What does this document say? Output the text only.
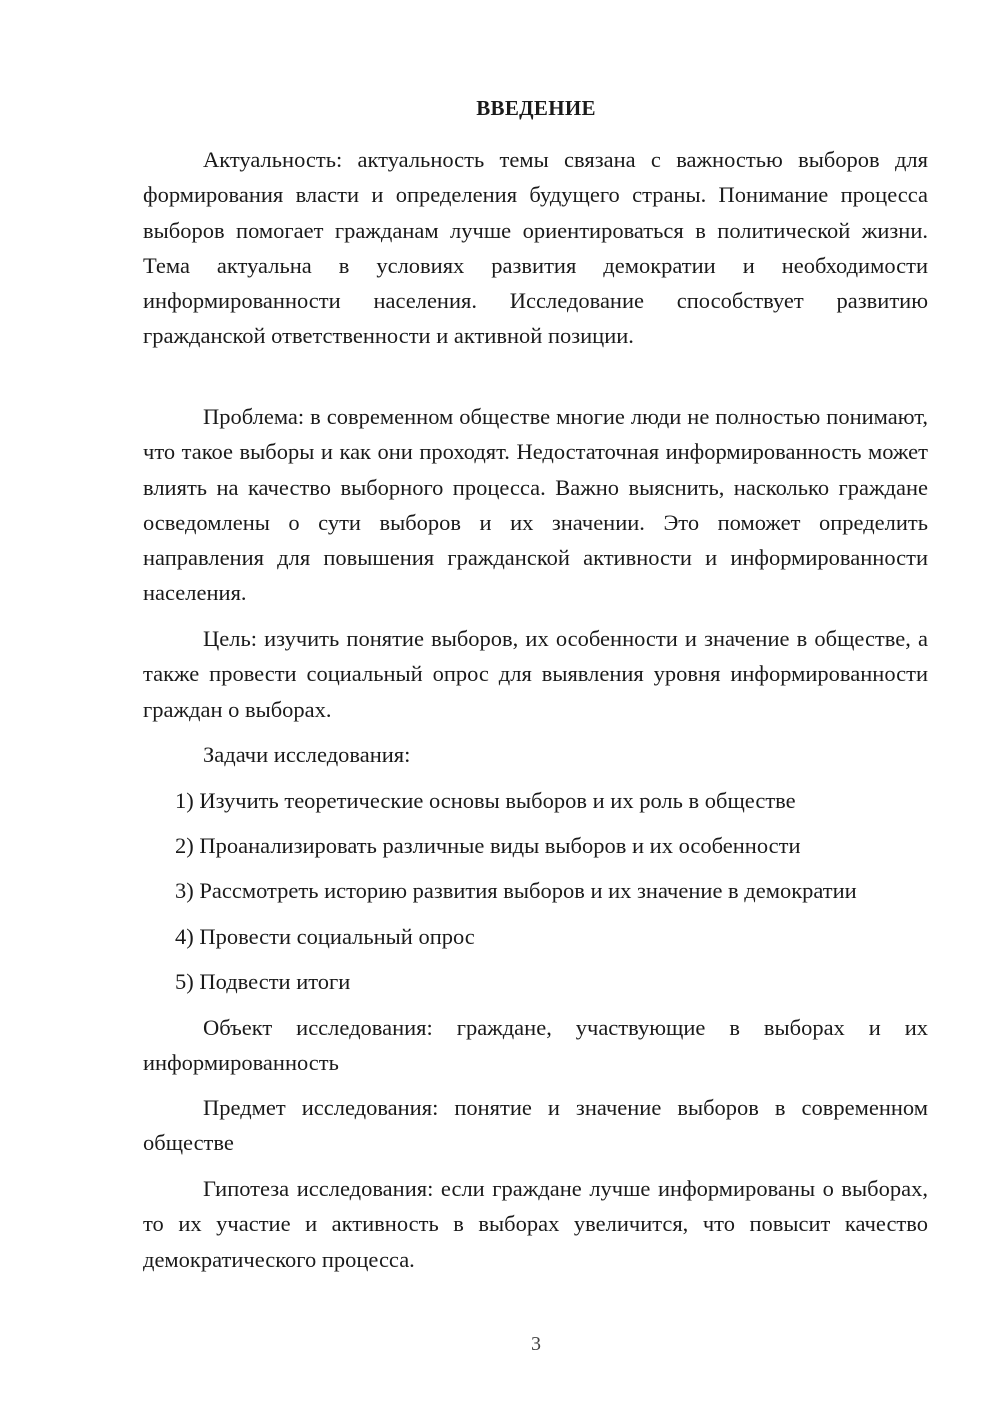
ВВЕДЕНИЕ

Актуальность: актуальность темы связана с важностью выборов для формирования власти и определения будущего страны. Понимание процесса выборов помогает гражданам лучше ориентироваться в политической жизни. Тема актуальна в условиях развития демократии и необходимости информированности населения. Исследование способствует развитию гражданской ответственности и активной позиции.

Проблема: в современном обществе многие люди не полностью понимают, что такое выборы и как они проходят. Недостаточная информированность может влиять на качество выборного процесса. Важно выяснить, насколько граждане осведомлены о сути выборов и их значении. Это поможет определить направления для повышения гражданской активности и информированности населения.

Цель: изучить понятие выборов, их особенности и значение в обществе, а также провести социальный опрос для выявления уровня информированности граждан о выборах.

Задачи исследования:

1) Изучить теоретические основы выборов и их роль в обществе

2) Проанализировать различные виды выборов и их особенности

3) Рассмотреть историю развития выборов и их значение в демократии

4) Провести социальный опрос

5) Подвести итоги

Объект исследования: граждане, участвующие в выборах и их информированность

Предмет исследования: понятие и значение выборов в современном обществе

Гипотеза исследования: если граждане лучше информированы о выборах, то их участие и активность в выборах увеличится, что повысит качество демократического процесса.

3
